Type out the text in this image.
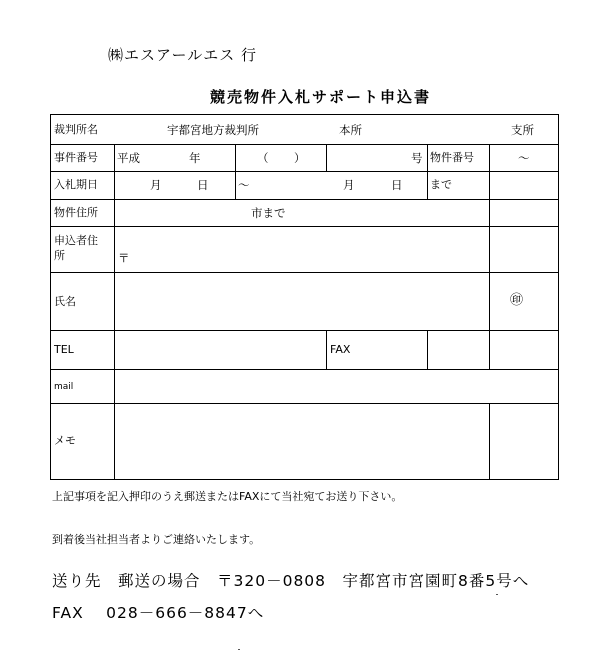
㈱エスアールエス 行
競売物件入札サポート申込書
裁判所名	宇都宮地方裁判所	本所	支所
事件番号 平成	年	（ ）	号 物件番号	～
入札期日	月	日	～	月	日	まで
物件住所	市まで
申込者住所	〒
氏名	㊞
TEL	FAX
mail
メモ
上記事項を記入押印のうえ郵送またはFAXにて当社宛てお送り下さい。
到着後当社担当者よりご連絡いたします。
送り先　郵送の場合　〒320－0808　宇都宮市宮園町8番5号へ
FAX　 028－666－8847へ
